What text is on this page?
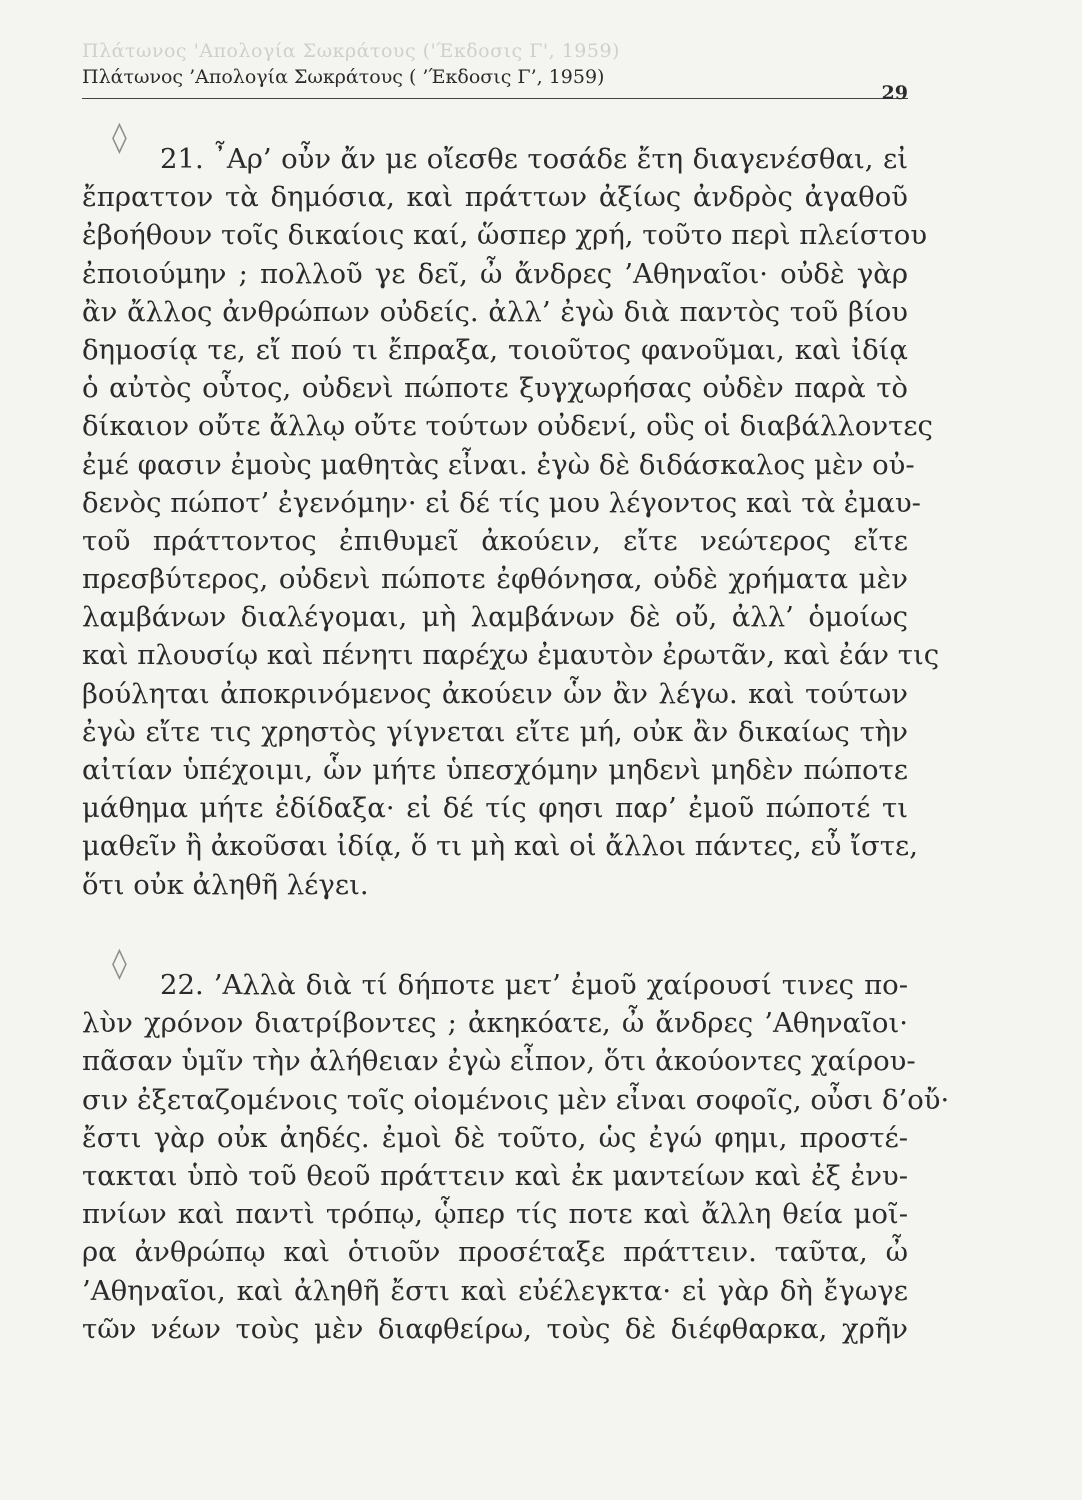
Πλάτωνος 'Απολογία Σωκράτους ('Έκδοσις Γ', 1959)
Πλάτωνος ’Απολογία Σωκράτους ( ’Έκδοσις Γ’, 1959)
29
◊
◊
21. ῏Αρ’ οὖν ἄν με οἴεσθε τοσάδε ἔτη διαγενέσθαι, εἰ
ἔπραττον τὰ δημόσια, καὶ πράττων ἀξίως ἀνδρὸς ἀγαθοῦ
ἐβοήθουν τοῖς δικαίοις καί, ὥσπερ χρή, τοῦτο περὶ πλείστου
ἐποιούμην ; πολλοῦ γε δεῖ, ὦ ἄνδρες ’Αθηναῖοι· οὐδὲ γὰρ
ἂν ἄλλος ἀνθρώπων οὐδείς. ἀλλ’ ἐγὼ διὰ παντὸς τοῦ βίου
δημοσίᾳ τε, εἴ πού τι ἔπραξα, τοιοῦτος φανοῦμαι, καὶ ἰδίᾳ
ὁ αὐτὸς οὗτος, οὐδενὶ πώποτε ξυγχωρήσας οὐδὲν παρὰ τὸ
δίκαιον οὔτε ἄλλῳ οὔτε τούτων οὐδενί, οὓς οἱ διαβάλλοντες
ἐμέ φασιν ἐμοὺς μαθητὰς εἶναι. ἐγὼ δὲ διδάσκαλος μὲν οὐ-
δενὸς πώποτ’ ἐγενόμην· εἰ δέ τίς μου λέγοντος καὶ τὰ ἐμαυ-
τοῦ πράττοντος ἐπιθυμεῖ ἀκούειν, εἴτε νεώτερος εἴτε
πρεσβύτερος, οὐδενὶ πώποτε ἐφθόνησα, οὐδὲ χρήματα μὲν
λαμβάνων διαλέγομαι, μὴ λαμβάνων δὲ οὔ, ἀλλ’ ὁμοίως
καὶ πλουσίῳ καὶ πένητι παρέχω ἐμαυτὸν ἐρωτᾶν, καὶ ἐάν τις
βούληται ἀποκρινόμενος ἀκούειν ὧν ἂν λέγω. καὶ τούτων
ἐγὼ εἴτε τις χρηστὸς γίγνεται εἴτε μή, οὐκ ἂν δικαίως τὴν
αἰτίαν ὑπέχοιμι, ὧν μήτε ὑπεσχόμην μηδενὶ μηδὲν πώποτε
μάθημα μήτε ἐδίδαξα· εἰ δέ τίς φησι παρ’ ἐμοῦ πώποτέ τι
μαθεῖν ἢ ἀκοῦσαι ἰδίᾳ, ὅ τι μὴ καὶ οἱ ἄλλοι πάντες, εὖ ἴστε,
ὅτι οὐκ ἀληθῆ λέγει.
22. ’Αλλὰ διὰ τί δήποτε μετ’ ἐμοῦ χαίρουσί τινες πο-
λὺν χρόνον διατρίβοντες ; ἀκηκόατε, ὦ ἄνδρες ’Αθηναῖοι·
πᾶσαν ὑμῖν τὴν ἀλήθειαν ἐγὼ εἶπον, ὅτι ἀκούοντες χαίρου-
σιν ἐξεταζομένοις τοῖς οἰομένοις μὲν εἶναι σοφοῖς, οὖσι δ’οὔ·
ἔστι γὰρ οὐκ ἀηδές. ἐμοὶ δὲ τοῦτο, ὡς ἐγώ φημι, προστέ-
τακται ὑπὸ τοῦ θεοῦ πράττειν καὶ ἐκ μαντείων καὶ ἐξ ἐνυ-
πνίων καὶ παντὶ τρόπῳ, ᾧπερ τίς ποτε καὶ ἄλλη θεία μοῖ-
ρα ἀνθρώπῳ καὶ ὁτιοῦν προσέταξε πράττειν. ταῦτα, ὦ
’Αθηναῖοι, καὶ ἀληθῆ ἔστι καὶ εὐέλεγκτα· εἰ γὰρ δὴ ἔγωγε
τῶν νέων τοὺς μὲν διαφθείρω, τοὺς δὲ διέφθαρκα, χρῆν
